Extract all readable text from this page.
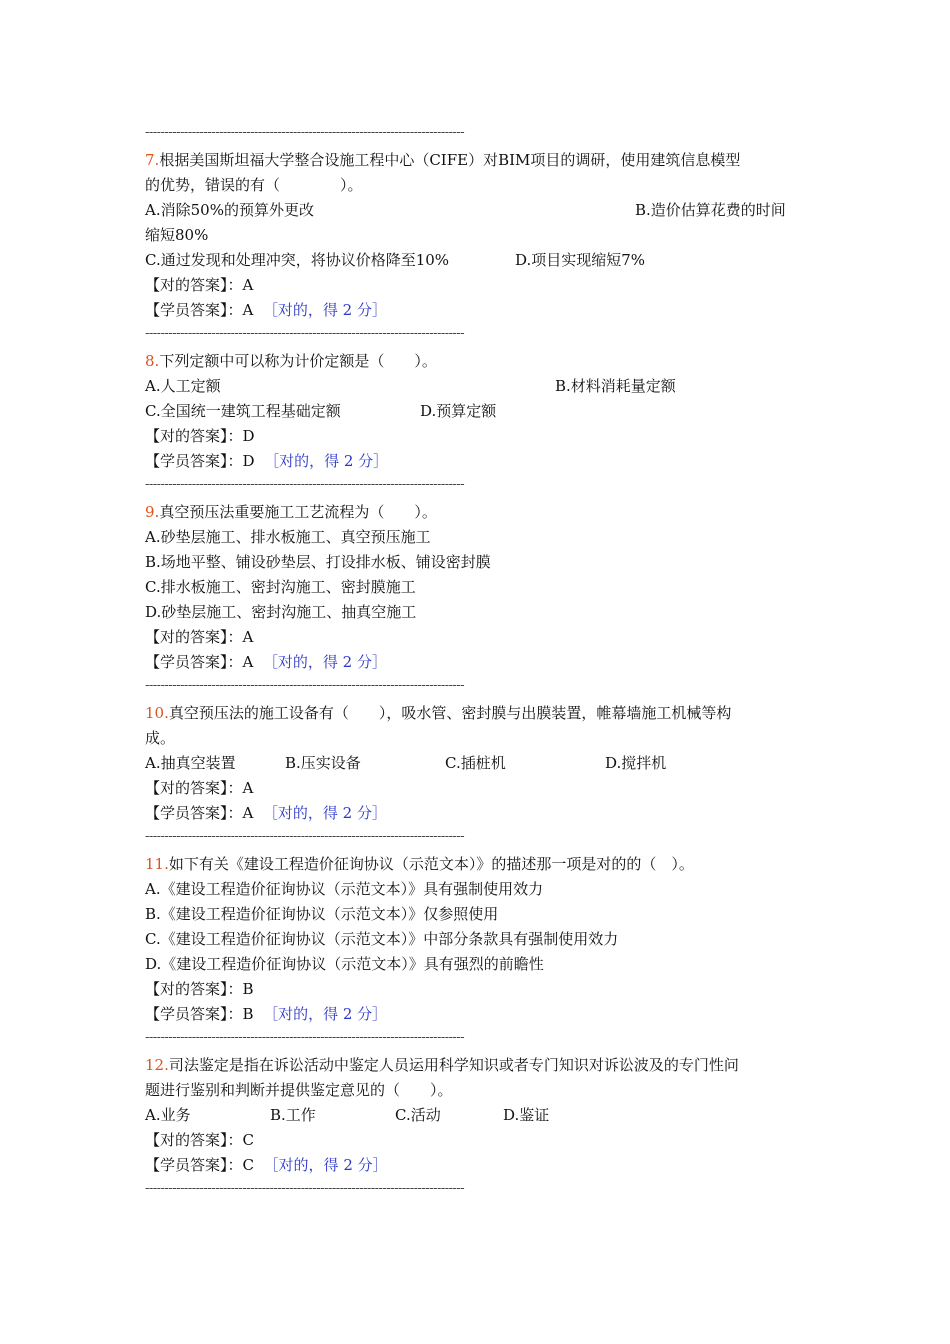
----------------------------------------------------------------------------------
7.根据美国斯坦福大学整合设施工程中心（CIFE）对BIM项目的调研，使用建筑信息模型
的优势，错误的有（　　　　）。
A.消除50%的预算外更改	B.造价估算花费的时间
缩短80%
C.通过发现和处理冲突，将协议价格降至10%	D.项目实现缩短7%
【对的答案】：A
【学员答案】：A ［对的，得 2 分］
----------------------------------------------------------------------------------
8.下列定额中可以称为计价定额是（　　）。
A.人工定额	B.材料消耗量定额
C.全国统一建筑工程基础定额	D.预算定额
【对的答案】：D
【学员答案】：D ［对的，得 2 分］
----------------------------------------------------------------------------------
9.真空预压法重要施工工艺流程为（　　）。
A.砂垫层施工、排水板施工、真空预压施工
B.场地平整、铺设砂垫层、打设排水板、铺设密封膜
C.排水板施工、密封沟施工、密封膜施工
D.砂垫层施工、密封沟施工、抽真空施工
【对的答案】：A
【学员答案】：A ［对的，得 2 分］
----------------------------------------------------------------------------------
10.真空预压法的施工设备有（　　），吸水管、密封膜与出膜装置，帷幕墙施工机械等构
成。
A.抽真空装置	B.压实设备	C.插桩机	D.搅拌机
【对的答案】：A
【学员答案】：A ［对的，得 2 分］
----------------------------------------------------------------------------------
11.如下有关《建设工程造价征询协议（示范文本）》的描述那一项是对的的（　）。
A.《建设工程造价征询协议（示范文本）》具有强制使用效力
B.《建设工程造价征询协议（示范文本）》仅参照使用
C.《建设工程造价征询协议（示范文本）》中部分条款具有强制使用效力
D.《建设工程造价征询协议（示范文本）》具有强烈的前瞻性
【对的答案】：B
【学员答案】：B ［对的，得 2 分］
----------------------------------------------------------------------------------
12.司法鉴定是指在诉讼活动中鉴定人员运用科学知识或者专门知识对诉讼波及的专门性问
题进行鉴别和判断并提供鉴定意见的（　　）。
A.业务	B.工作	C.活动	D.鉴证
【对的答案】：C
【学员答案】：C ［对的，得 2 分］
----------------------------------------------------------------------------------
